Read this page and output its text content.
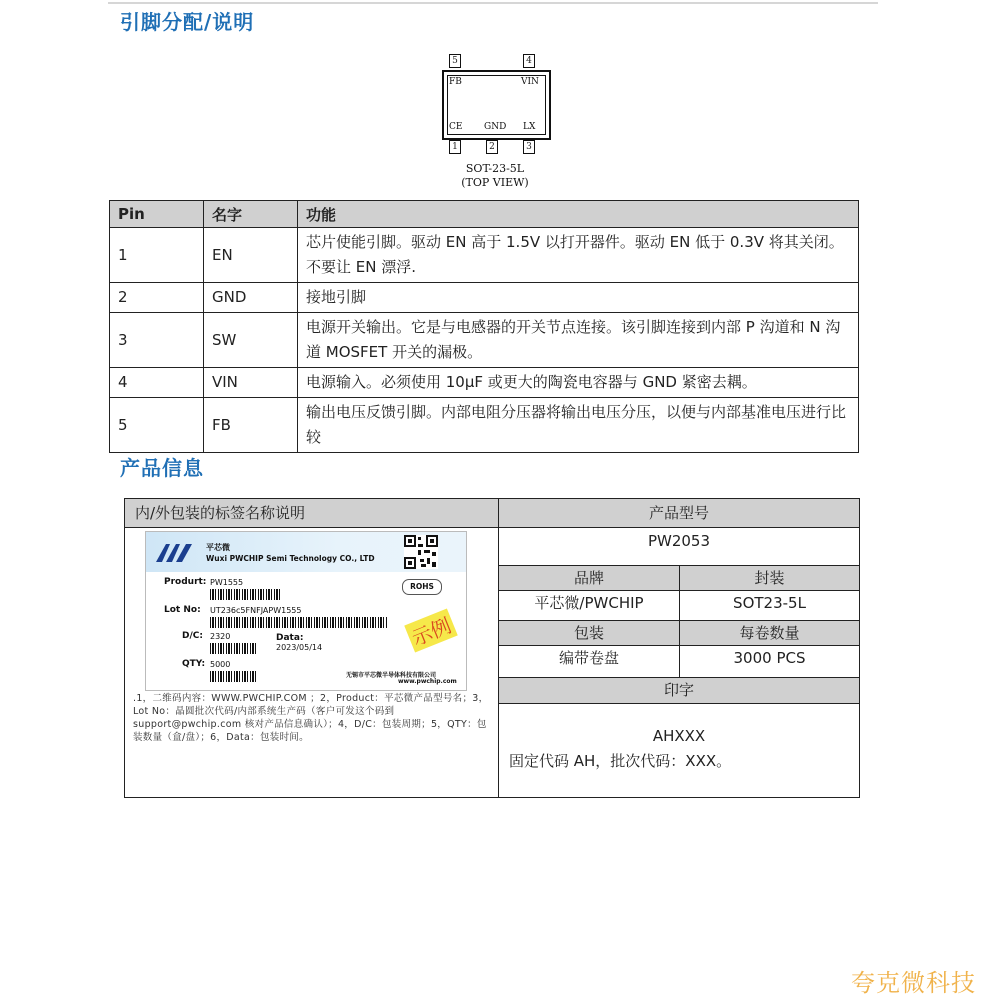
引脚分配/说明
5	4
FB	VIN
CE GND LX
1	2	3
SOT-23-5L
(TOP VIEW)
Pin	名字	功能
1	EN	芯片使能引脚。驱动 EN 高于 1.5V 以打开器件。驱动 EN 低于 0.3V 将其关闭。不要让 EN 漂浮.
2	GND	接地引脚
3	SW	电源开关输出。它是与电感器的开关节点连接。该引脚连接到内部 P 沟道和 N 沟道 MOSFET 开关的漏极。
4	VIN	电源输入。必须使用 10μF 或更大的陶瓷电容器与 GND 紧密去耦。
5	FB	输出电压反馈引脚。内部电阻分压器将输出电压分压，以便与内部基准电压进行比较
产品信息
内/外包装的标签名称说明
平芯微
Wuxi PWCHIP Semi Technology CO., LTD
Produrt: PW1555	ROHS
Lot No: UT236c5FNFJAPW1555
D/C: 2320	Data:
2023/05/14	示例
QTY: 5000
无锡市平芯微半导体科技有限公司
www.pwchip.com
.1，二维码内容：WWW.PWCHIP.COM ；2，Product：平芯微产品型号名；3，Lot No：晶圆批次代码/内部系统生产码（客户可发这个码到 support@pwchip.com 核对产品信息确认）；4，D/C：包装周期；5，QTY：包装数量（盒/盘）；6，Data：包装时间。
产品型号
PW2053
品牌	封装
平芯微/PWCHIP	SOT23-5L
包装	每卷数量
编带卷盘	3000 PCS
印字
AHXXX
固定代码 AH，批次代码：XXX。
夸克微科技
